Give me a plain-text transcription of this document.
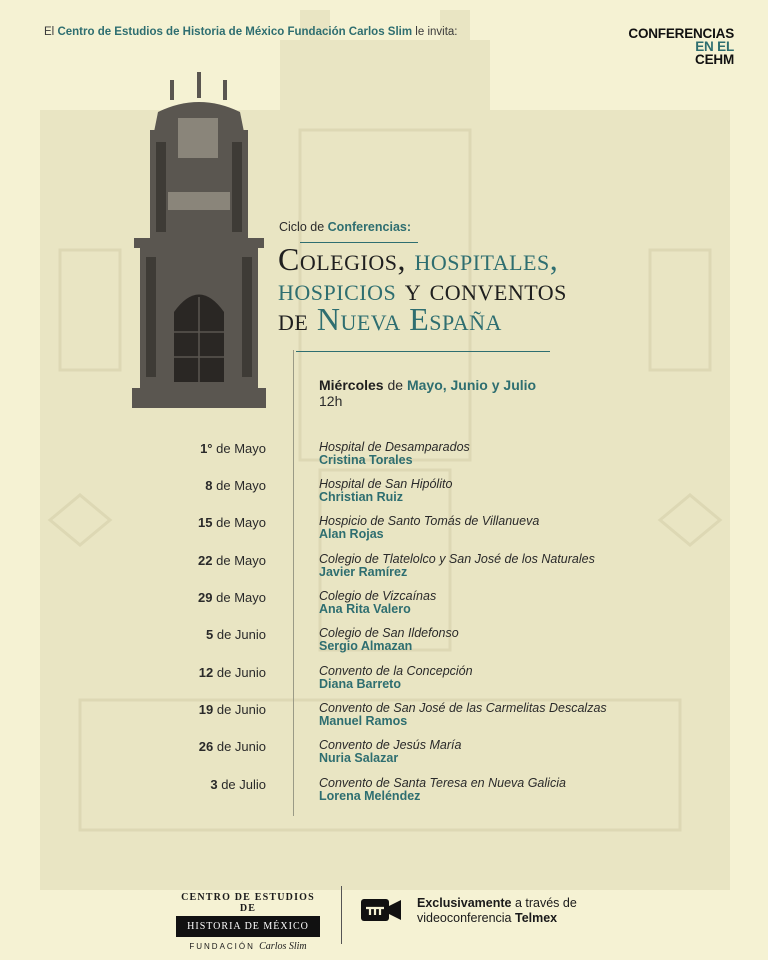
El Centro de Estudios de Historia de México Fundación Carlos Slim le invita:	CONFERENCIAS
EN EL
CEHM
Ciclo de Conferencias:
Colegios, hospitales,
hospicios y conventos
de Nueva España
Miércoles de Mayo, Junio y Julio
12h
1° de Mayo	Hospital de Desamparados
Cristina Torales
8 de Mayo	Hospital de San Hipólito
Christian Ruiz
15 de Mayo	Hospicio de Santo Tomás de Villanueva
Alan Rojas
22 de Mayo	Colegio de Tlatelolco y San José de los Naturales
Javier Ramírez
29 de Mayo	Colegio de Vizcaínas
Ana Rita Valero
5 de Junio	Colegio de San Ildefonso
Sergio Almazan
12 de Junio	Convento de la Concepción
Diana Barreto
19 de Junio	Convento de San José de las Carmelitas Descalzas
Manuel Ramos
26 de Junio	Convento de Jesús María
Nuria Salazar
3 de Julio	Convento de Santa Teresa en Nueva Galicia
Lorena Meléndez
CENTRO DE ESTUDIOS DE
HISTORIA DE MÉXICO
FUNDACIÓN Carlos Slim
Exclusivamente a través de
videoconferencia Telmex
